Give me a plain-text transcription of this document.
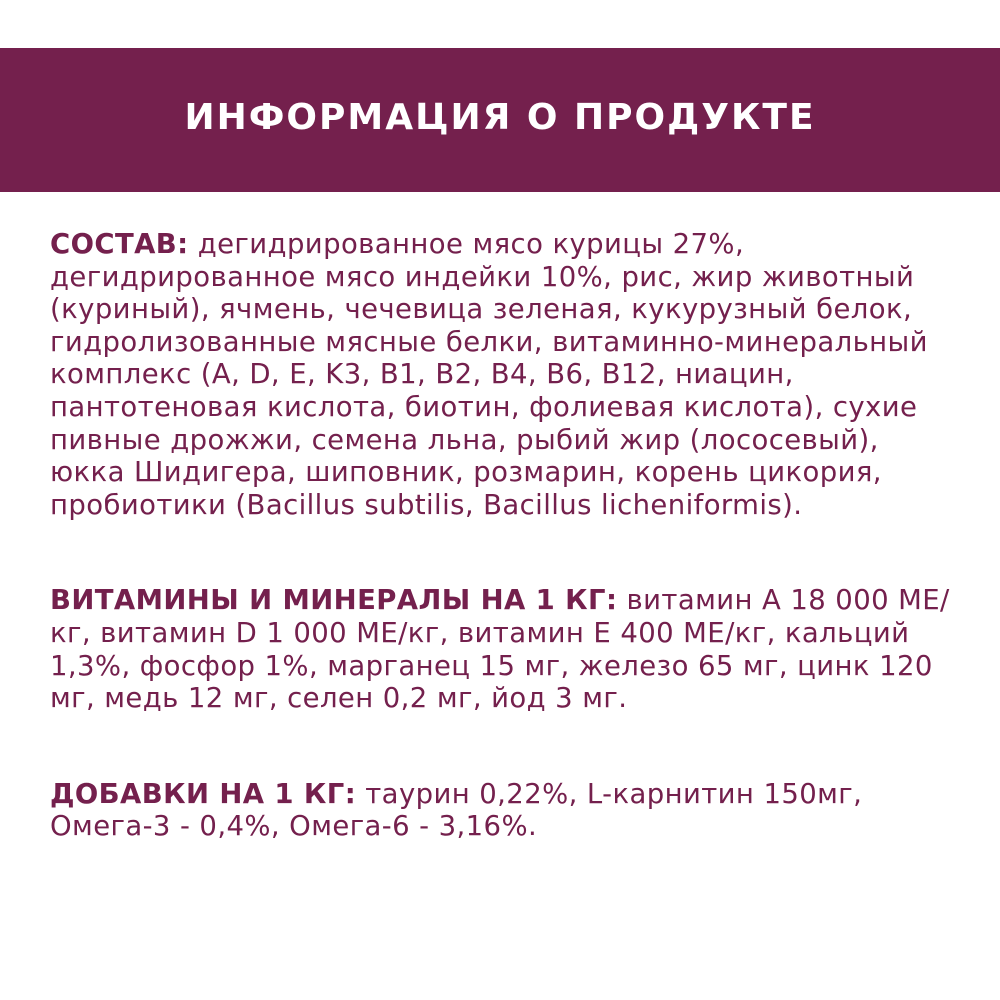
ИНФОРМАЦИЯ О ПРОДУКТЕ

СОСТАВ: дегидрированное мясо курицы 27%, дегидрированное мясо индейки 10%, рис, жир животный (куриный), ячмень, чечевица зеленая, кукурузный белок, гидролизованные мясные белки, витаминно-минеральный комплекс (A, D, E, K3, B1, B2, B4, B6, B12, ниацин, пантотеновая кислота, биотин, фолиевая кислота), сухие пивные дрожжи, семена льна, рыбий жир (лососевый), юкка Шидигера, шиповник, розмарин, корень цикория, пробиотики (Bacillus subtilis, Bacillus licheniformis).

ВИТАМИНЫ И МИНЕРАЛЫ НА 1 КГ: витамин А 18 000 МЕ/кг, витамин D 1 000 МЕ/кг, витамин Е 400 МЕ/кг, кальций 1,3%, фосфор 1%, марганец 15 мг, железо 65 мг, цинк 120 мг, медь 12 мг, селен 0,2 мг, йод 3 мг.

ДОБАВКИ НА 1 КГ: таурин 0,22%, L-карнитин 150мг, Омега-3 - 0,4%, Омега-6 - 3,16%.
